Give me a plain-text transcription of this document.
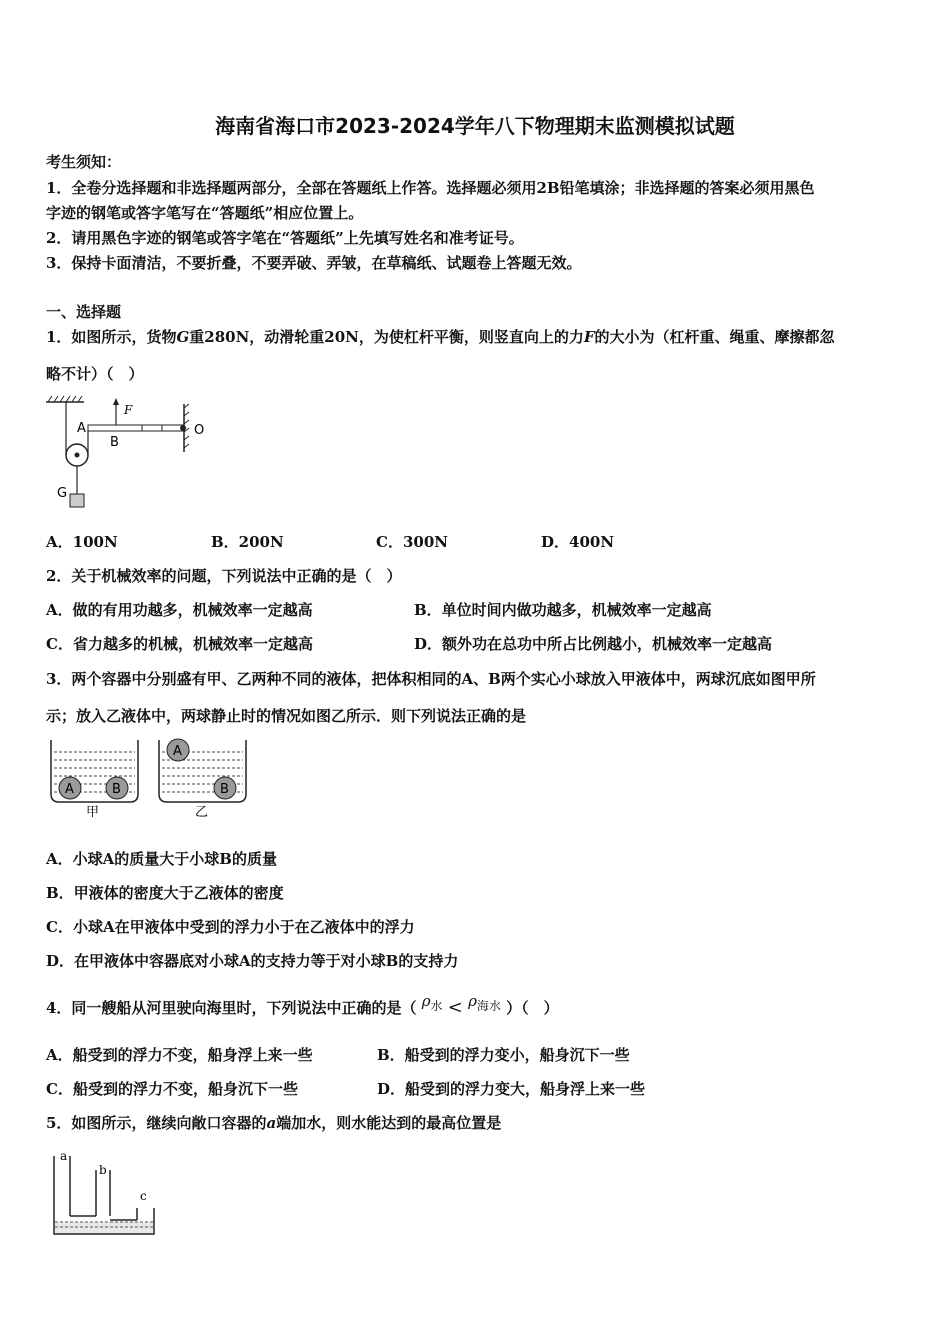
海南省海口市2023-2024学年八下物理期末监测模拟试题
考生须知：
1．全卷分选择题和非选择题两部分，全部在答题纸上作答。选择题必须用2B铅笔填涂；非选择题的答案必须用黑色
字迹的钢笔或答字笔写在“答题纸”相应位置上。
2．请用黑色字迹的钢笔或答字笔在“答题纸”上先填写姓名和准考证号。
3．保持卡面清洁，不要折叠，不要弄破、弄皱，在草稿纸、试题卷上答题无效。
一、选择题
1．如图所示，货物G重280N，动滑轮重20N，为使杠杆平衡，则竖直向上的力F的大小为（杠杆重、绳重、摩擦都忽
略不计）（　）
A
B
O
F
G
A．100N	B．200N	C．300N	D．400N
2．关于机械效率的问题，下列说法中正确的是（　）
A．做的有用功越多，机械效率一定越高	B．单位时间内做功越多，机械效率一定越高
C．省力越多的机械，机械效率一定越高	D．额外功在总功中所占比例越小，机械效率一定越高
3．两个容器中分别盛有甲、乙两种不同的液体，把体积相同的A、B两个实心小球放入甲液体中，两球沉底如图甲所
示；放入乙液体中，两球静止时的情况如图乙所示．则下列说法正确的是
A	B
甲
A
B
乙
A．小球A的质量大于小球B的质量
B．甲液体的密度大于乙液体的密度
C．小球A在甲液体中受到的浮力小于在乙液体中的浮力
D．在甲液体中容器底对小球A的支持力等于对小球B的支持力
4．同一艘船从河里驶向海里时，下列说法中正确的是（ $\rho^水 < \rho^{海水}$ ）（　）
A．船受到的浮力不变，船身浮上来一些	B．船受到的浮力变小，船身沉下一些
C．船受到的浮力不变，船身沉下一些	D．船受到的浮力变大，船身浮上来一些
5．如图所示，继续向敞口容器的a端加水，则水能达到的最高位置是
a
b
c
